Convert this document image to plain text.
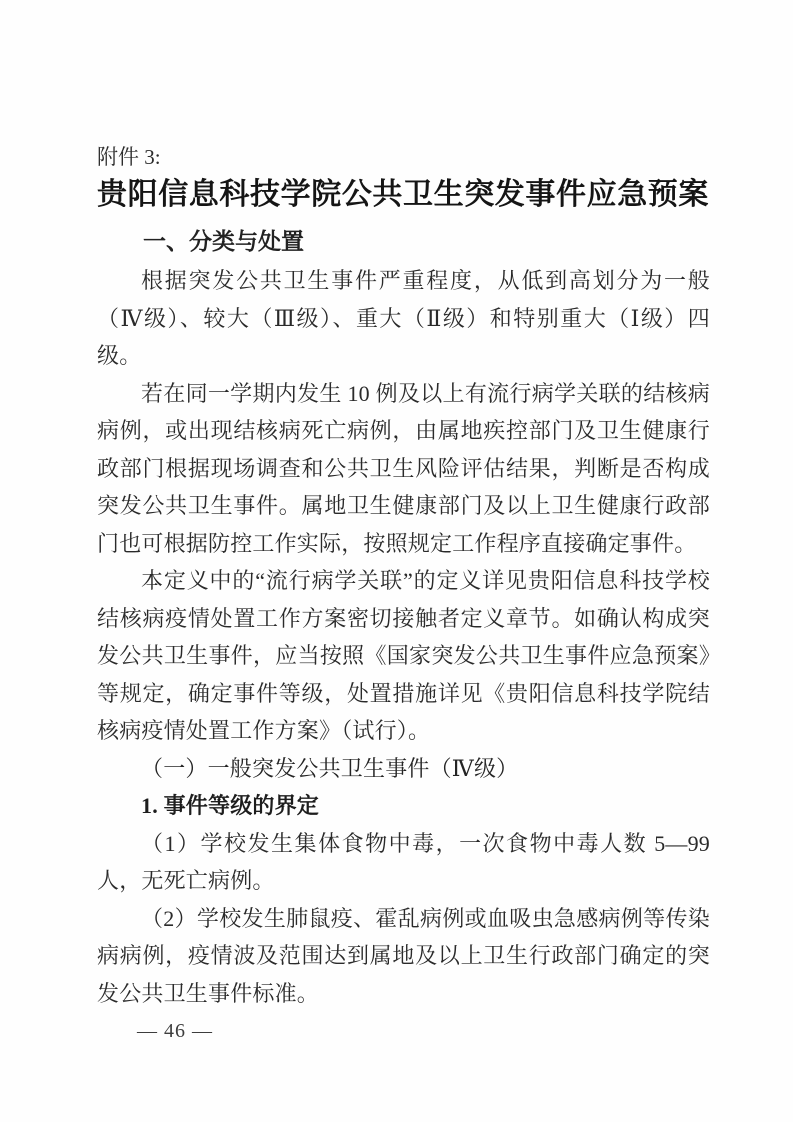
附件 3:
贵阳信息科技学院公共卫生突发事件应急预案
一、分类与处置

根据突发公共卫生事件严重程度，从低到高划分为一般（Ⅳ级）、较大（Ⅲ级）、重大（Ⅱ级）和特别重大（Ⅰ级）四级。

若在同一学期内发生 10 例及以上有流行病学关联的结核病病例，或出现结核病死亡病例，由属地疾控部门及卫生健康行政部门根据现场调查和公共卫生风险评估结果，判断是否构成突发公共卫生事件。属地卫生健康部门及以上卫生健康行政部门也可根据防控工作实际，按照规定工作程序直接确定事件。

本定义中的“流行病学关联”的定义详见贵阳信息科技学校结核病疫情处置工作方案密切接触者定义章节。如确认构成突发公共卫生事件，应当按照《国家突发公共卫生事件应急预案》等规定，确定事件等级，处置措施详见《贵阳信息科技学院结核病疫情处置工作方案》（试行）。

（一）一般突发公共卫生事件（Ⅳ级）

1. 事件等级的界定

（1）学校发生集体食物中毒，一次食物中毒人数 5—99 人，无死亡病例。

（2）学校发生肺鼠疫、霍乱病例或血吸虫急感病例等传染病病例，疫情波及范围达到属地及以上卫生行政部门确定的突发公共卫生事件标准。

— 46 —
